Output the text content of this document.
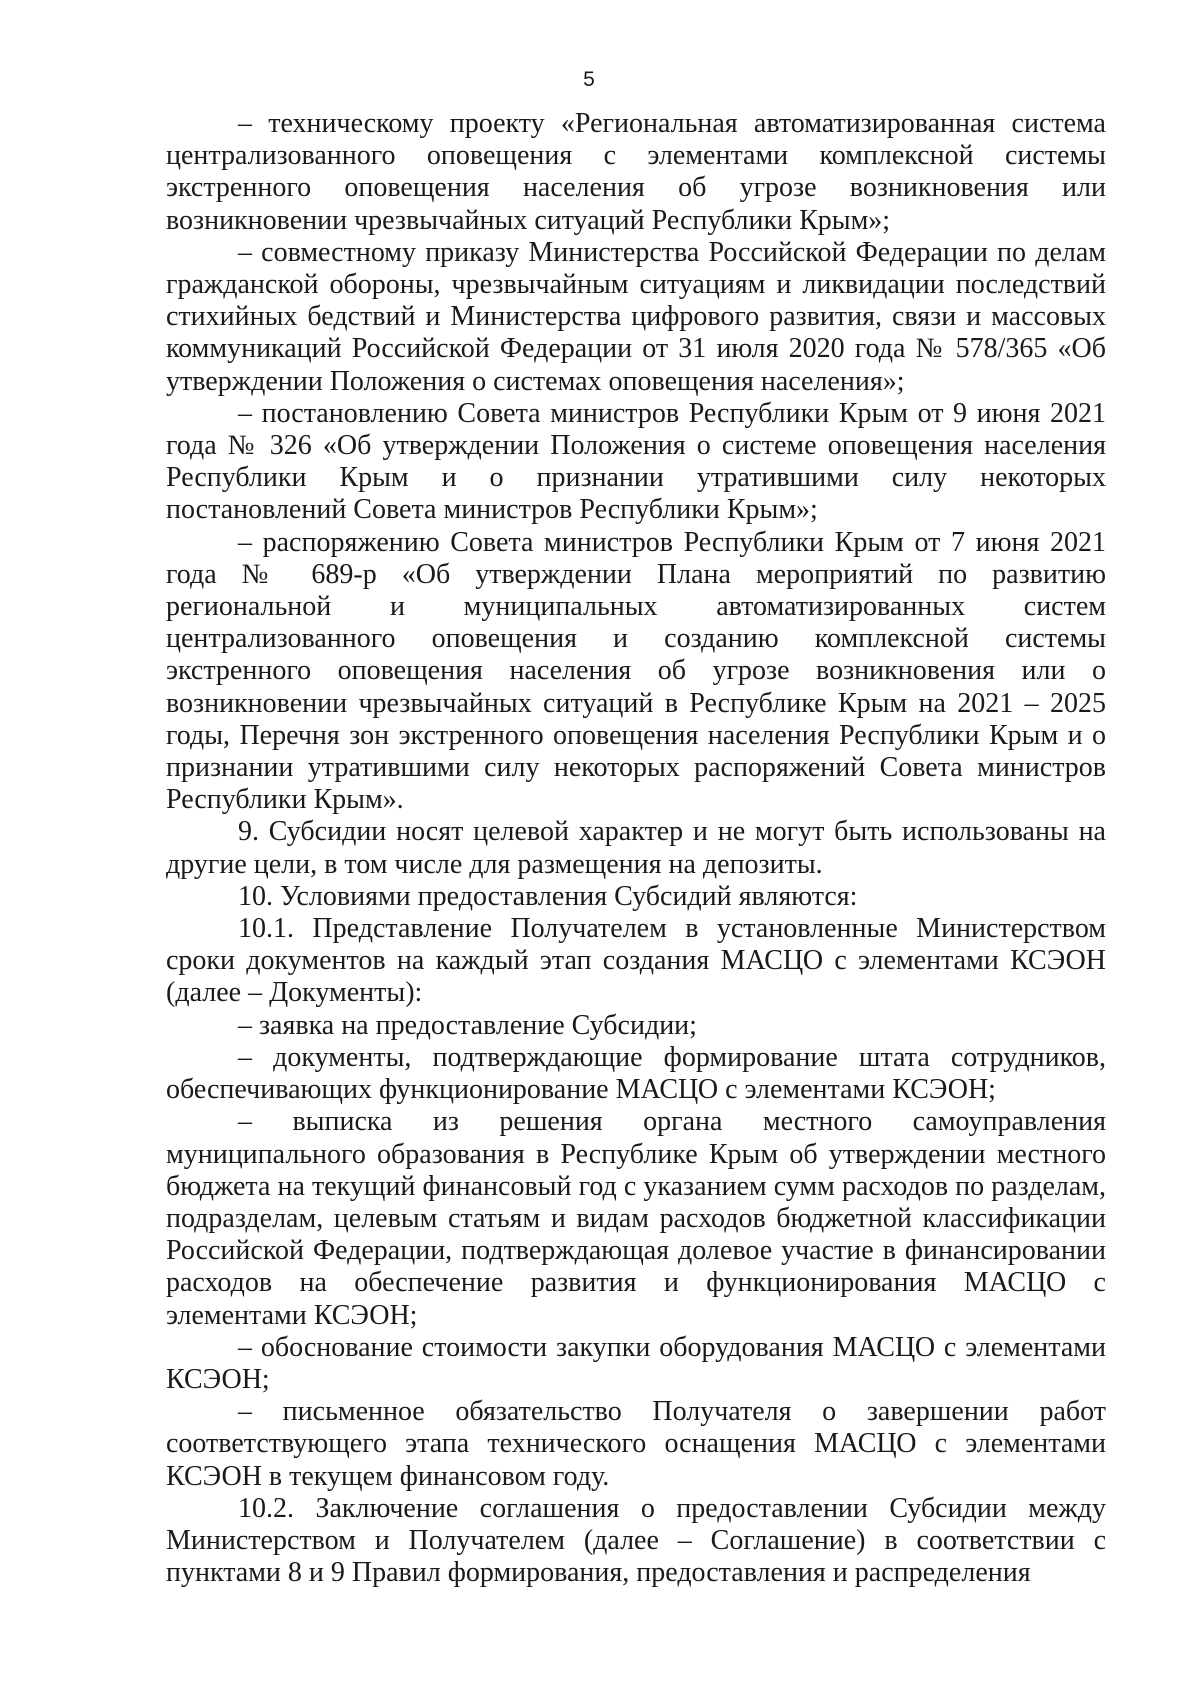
5

– техническому проекту «Региональная автоматизированная система централизованного оповещения с элементами комплексной системы экстренного оповещения населения об угрозе возникновения или возникновении чрезвычайных ситуаций Республики Крым»;

– совместному приказу Министерства Российской Федерации по делам гражданской обороны, чрезвычайным ситуациям и ликвидации последствий стихийных бедствий и Министерства цифрового развития, связи и массовых коммуникаций Российской Федерации от 31 июля 2020 года № 578/365 «Об утверждении Положения о системах оповещения населения»;

– постановлению Совета министров Республики Крым от 9 июня 2021 года № 326 «Об утверждении Положения о системе оповещения населения Республики Крым и о признании утратившими силу некоторых постановлений Совета министров Республики Крым»;

– распоряжению Совета министров Республики Крым от 7 июня 2021 года № 689-р «Об утверждении Плана мероприятий по развитию региональной и муниципальных автоматизированных систем централизованного оповещения и созданию комплексной системы экстренного оповещения населения об угрозе возникновения или о возникновении чрезвычайных ситуаций в Республике Крым на 2021 – 2025 годы, Перечня зон экстренного оповещения населения Республики Крым и о признании утратившими силу некоторых распоряжений Совета министров Республики Крым».

9. Субсидии носят целевой характер и не могут быть использованы на другие цели, в том числе для размещения на депозиты.

10. Условиями предоставления Субсидий являются:

10.1. Представление Получателем в установленные Министерством сроки документов на каждый этап создания МАСЦО с элементами КСЭОН (далее – Документы):

– заявка на предоставление Субсидии;

– документы, подтверждающие формирование штата сотрудников, обеспечивающих функционирование МАСЦО с элементами КСЭОН;

– выписка из решения органа местного самоуправления муниципального образования в Республике Крым об утверждении местного бюджета на текущий финансовый год с указанием сумм расходов по разделам, подразделам, целевым статьям и видам расходов бюджетной классификации Российской Федерации, подтверждающая долевое участие в финансировании расходов на обеспечение развития и функционирования МАСЦО с элементами КСЭОН;

– обоснование стоимости закупки оборудования МАСЦО с элементами КСЭОН;

– письменное обязательство Получателя о завершении работ соответствующего этапа технического оснащения МАСЦО с элементами КСЭОН в текущем финансовом году.

10.2. Заключение соглашения о предоставлении Субсидии между Министерством и Получателем (далее – Соглашение) в соответствии с пунктами 8 и 9 Правил формирования, предоставления и распределения
